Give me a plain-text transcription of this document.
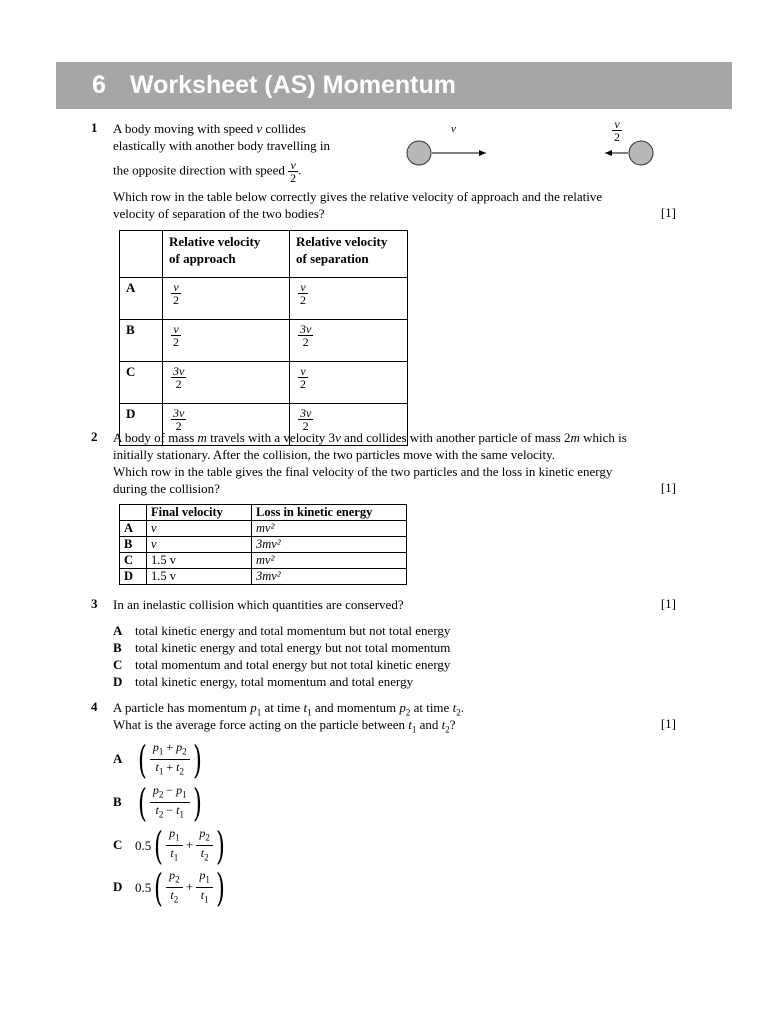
6 Worksheet (AS) Momentum
1 A body moving with speed v collides
elastically with another body travelling in
the opposite direction with speed $\frac{v}{2}$ .
v	$\frac{v}{2}$
Which row in the table below correctly gives the relative velocity of approach and the relative
velocity of separation of the two bodies?	[1]
	Relative velocity
of approach	Relative velocity
of separation
A	$\frac{v}{2}$	$\frac{v}{2}$

B	$\frac{v}{2}$	$\frac{3v}{2}$

C	$\frac{3v}{2}$	$\frac{v}{2}$

D	$\frac{3v}{2}$	$\frac{3v}{2}$
2 A body of mass m travels with a velocity 3v and collides with another particle of mass 2m which is
initially stationary. After the collision, the two particles move with the same velocity.
Which row in the table gives the final velocity of the two particles and the loss in kinetic energy
during the collision?	[1]
	Final velocity	Loss in kinetic energy
A	v	mv²
B	v	3mv²
C	1.5 v	mv²
D	1.5 v	3mv²
3 In an inelastic collision which quantities are conserved?	[1]
A total kinetic energy and total momentum but not total energy
B total kinetic energy and total energy but not total momentum
C total momentum and total energy but not total kinetic energy
D total kinetic energy, total momentum and total energy
4 A particle has momentum $p_1$ at time $t_1$ and momentum $p_2$ at time $t_2$.
What is the average force acting on the particle between $t_1$ and $t_2$?	[1]
A ( $\frac{p_1 + p_2}{t_1 + t_2}$ )
B ( $\frac{p_2 - p_1}{t_2 - t_1}$ )
C $0.5( \frac{p_1}{t_1} + \frac{p_2}{t_2}$ )
D $0.5( \frac{p_2}{t_2} + \frac{p_1}{t_1}$ )
